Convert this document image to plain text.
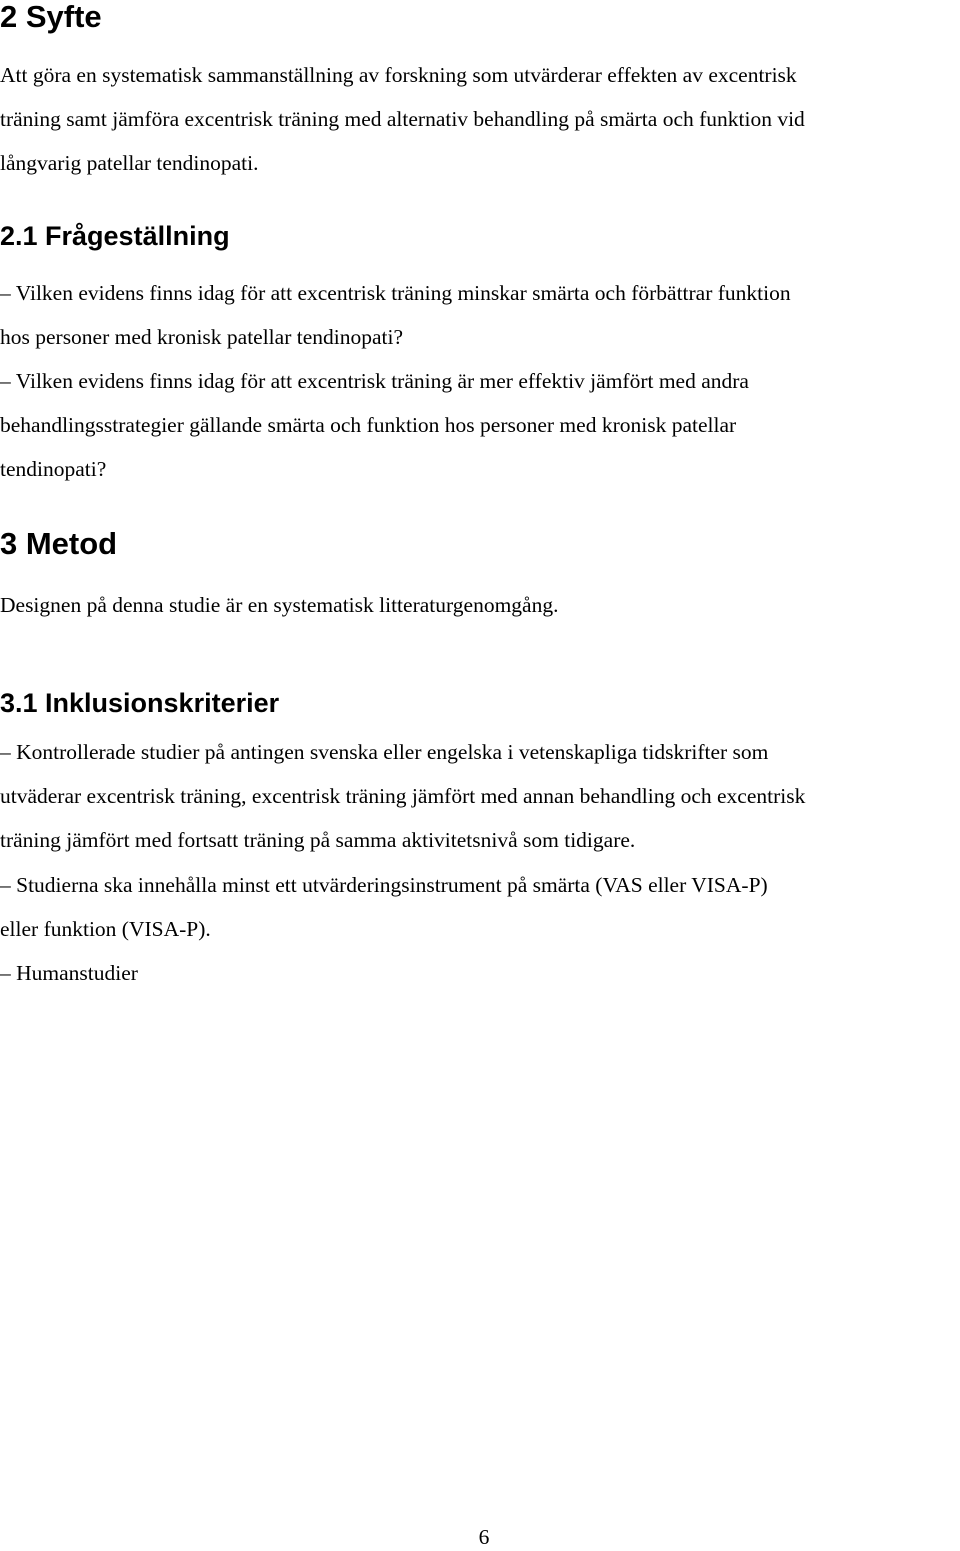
2 Syfte
Att göra en systematisk sammanställning av forskning som utvärderar effekten av excentrisk
träning samt jämföra excentrisk träning med alternativ behandling på smärta och funktion vid
långvarig patellar tendinopati.
2.1 Frågeställning
– Vilken evidens finns idag för att excentrisk träning minskar smärta och förbättrar funktion
hos personer med kronisk patellar tendinopati?
– Vilken evidens finns idag för att excentrisk träning är mer effektiv jämfört med andra
behandlingsstrategier gällande smärta och funktion hos personer med kronisk patellar
tendinopati?
3 Metod
Designen på denna studie är en systematisk litteraturgenomgång.
3.1 Inklusionskriterier
– Kontrollerade studier på antingen svenska eller engelska i vetenskapliga tidskrifter som
utväderar excentrisk träning, excentrisk träning jämfört med annan behandling och excentrisk
träning jämfört med fortsatt träning på samma aktivitetsnivå som tidigare.
– Studierna ska innehålla minst ett utvärderingsinstrument på smärta (VAS eller VISA-P)
eller funktion (VISA-P).
– Humanstudier
6
